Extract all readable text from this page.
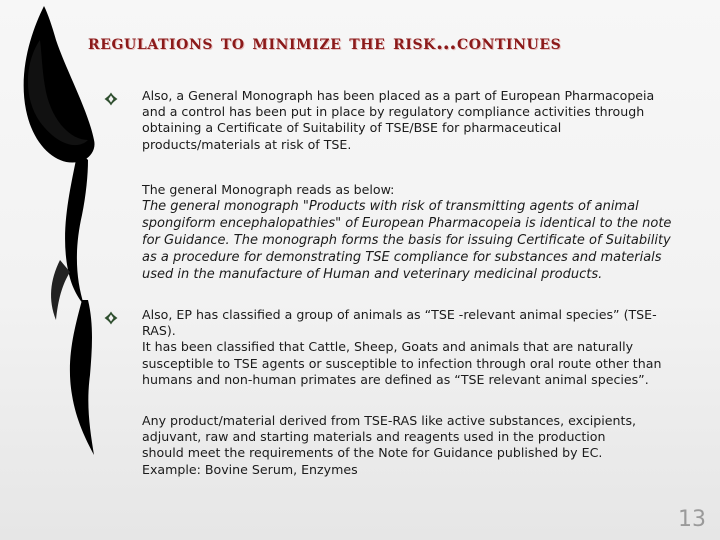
regulations to minimize the risk…continues

Also, a General Monograph has been placed as a part of European Pharmacopeia
and a control has been put in place by regulatory compliance activities through
obtaining a Certificate of Suitability of TSE/BSE for pharmaceutical
products/materials at risk of TSE.

The general Monograph reads as below:

The general monograph "Products with risk of transmitting agents of animal
spongiform encephalopathies" of European Pharmacopeia is identical to the note
for Guidance. The monograph forms the basis for issuing Certificate of Suitability
as a procedure for demonstrating TSE compliance for substances and materials
used in the manufacture of Human and veterinary medicinal products.

Also, EP has classified a group of animals as “TSE -relevant animal species” (TSE-
RAS).
It has been classified that Cattle, Sheep, Goats and animals that are naturally
susceptible to TSE agents or susceptible to infection through oral route other than
humans and non-human primates are defined as “TSE relevant animal species”.

Any product/material derived from TSE-RAS like active substances, excipients,
adjuvant, raw and starting materials and reagents used in the production
should meet the requirements of the Note for Guidance published by EC.
Example: Bovine Serum, Enzymes

13
